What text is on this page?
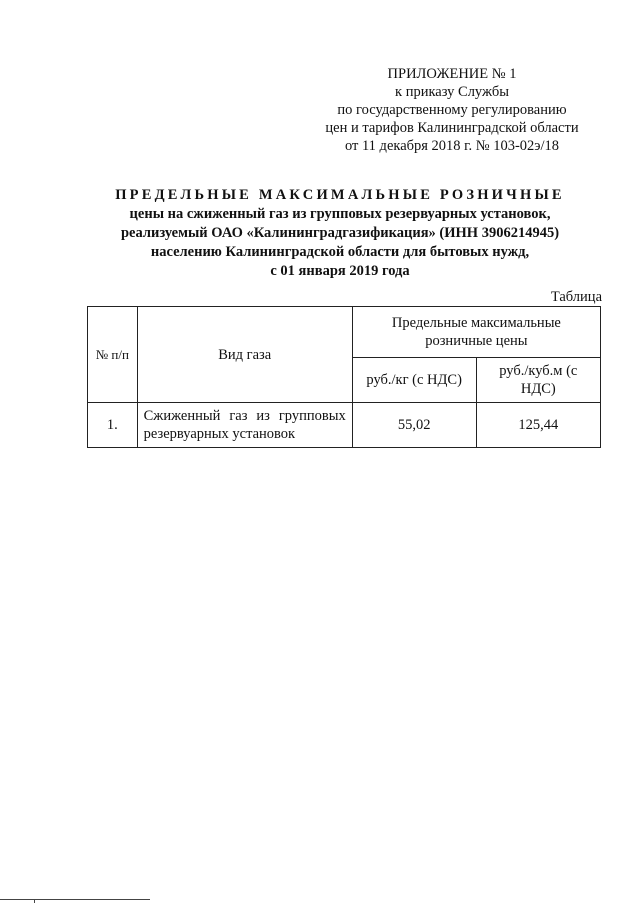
ПРИЛОЖЕНИЕ № 1
к приказу Службы
по государственному регулированию
цен и тарифов Калининградской области
от 11 декабря 2018 г. № 103-02э/18
ПРЕДЕЛЬНЫЕ МАКСИМАЛЬНЫЕ РОЗНИЧНЫЕ
цены на сжиженный газ из групповых резервуарных установок,
реализуемый ОАО «Калининградгазификация» (ИНН 3906214945)
населению Калининградской области для бытовых нужд,
с 01 января 2019 года
Таблица
№ п/п	Вид газа	Предельные максимальные розничные цены	
		руб./кг (с НДС)	руб./куб.м (с НДС)
1.	Сжиженный газ из групповых резервуарных установок	55,02	125,44
